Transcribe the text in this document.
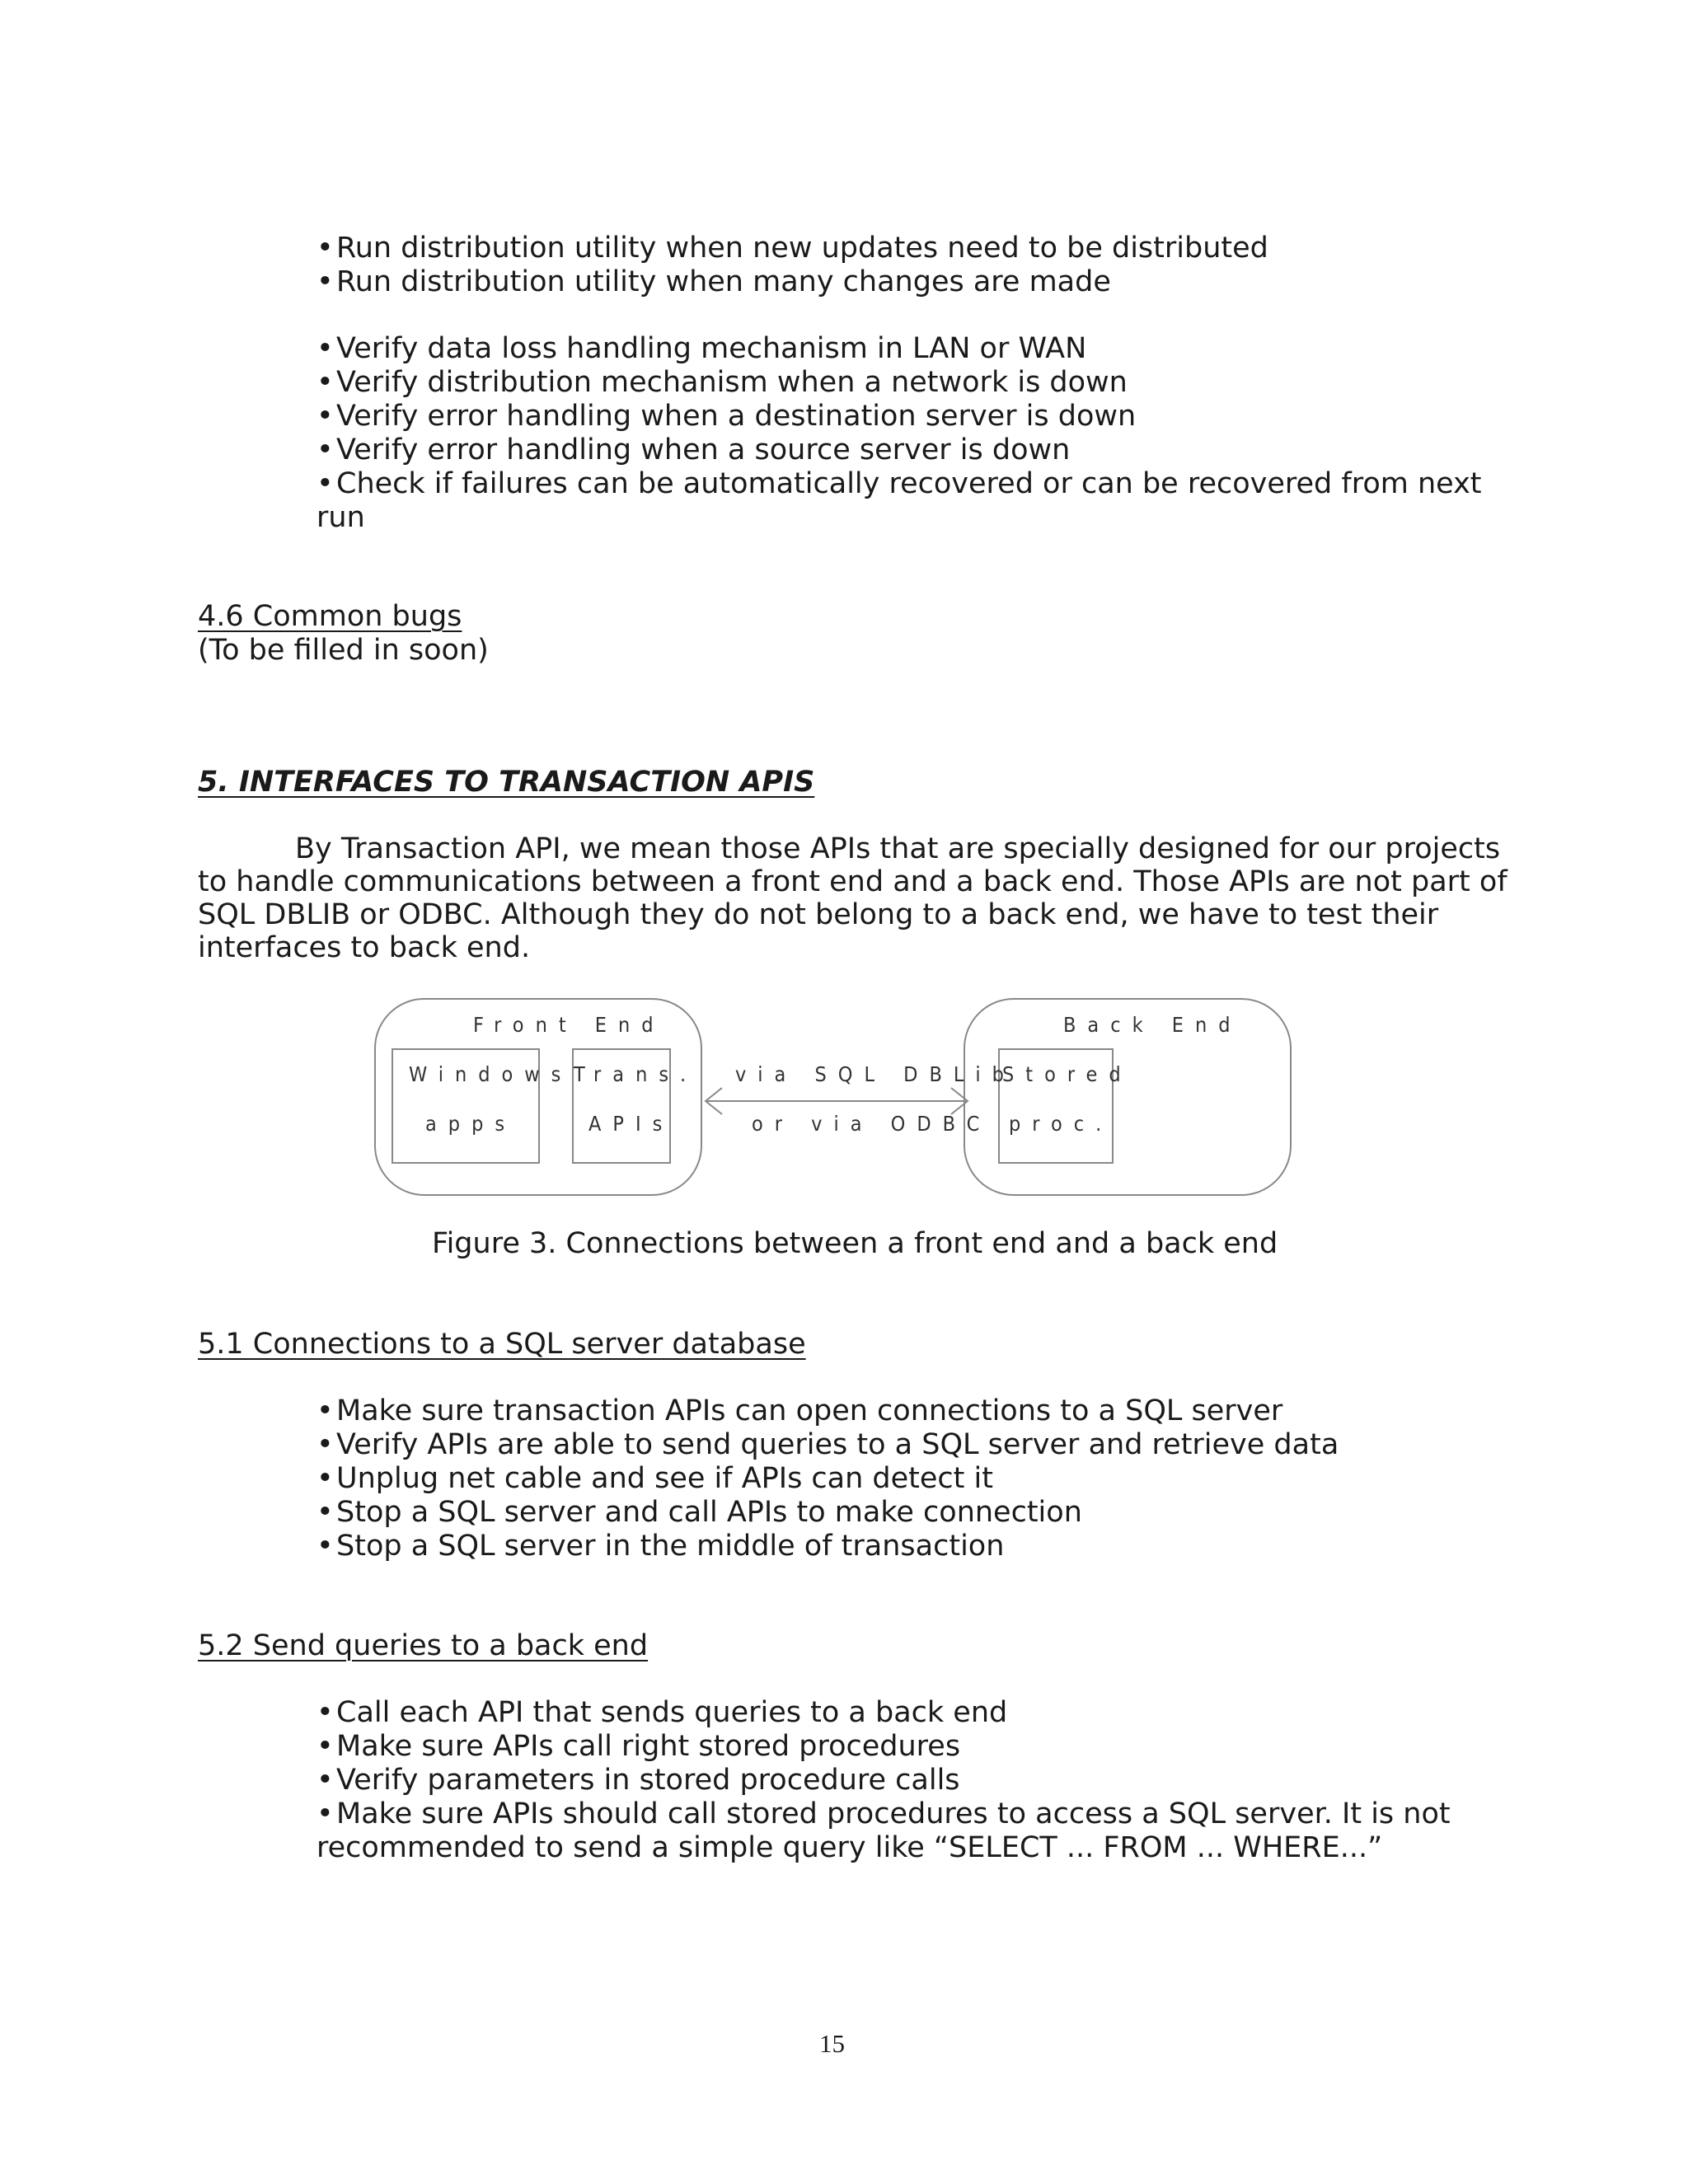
• Run distribution utility when new updates need to be distributed
• Run distribution utility when many changes are made
• Verify data loss handling mechanism in LAN or WAN
• Verify distribution mechanism when a network is down
• Verify error handling when a destination server is down
• Verify error handling when a source server is down
• Check if failures can be automatically recovered or can be recovered from next
run
4.6 Common bugs
(To be filled in soon)
5. INTERFACES TO TRANSACTION APIS
By Transaction API, we mean those APIs that are specially designed for our projects
to handle communications between a front end and a back end. Those APIs are not part of
SQL DBLIB or ODBC. Although they do not belong to a back end, we have to test their
interfaces to back end.
Front End	Back End
Windows Trans. via SQL DBLib
Stored
apps	APIs	or via ODBC proc.
Figure 3. Connections between a front end and a back end
5.1 Connections to a SQL server database
• Make sure transaction APIs can open connections to a SQL server
• Verify APIs are able to send queries to a SQL server and retrieve data
• Unplug net cable and see if APIs can detect it
• Stop a SQL server and call APIs to make connection
• Stop a SQL server in the middle of transaction
5.2 Send queries to a back end
• Call each API that sends queries to a back end
• Make sure APIs call right stored procedures
• Verify parameters in stored procedure calls
• Make sure APIs should call stored procedures to access a SQL server. It is not
recommended to send a simple query like “SELECT ... FROM ... WHERE...”
15
